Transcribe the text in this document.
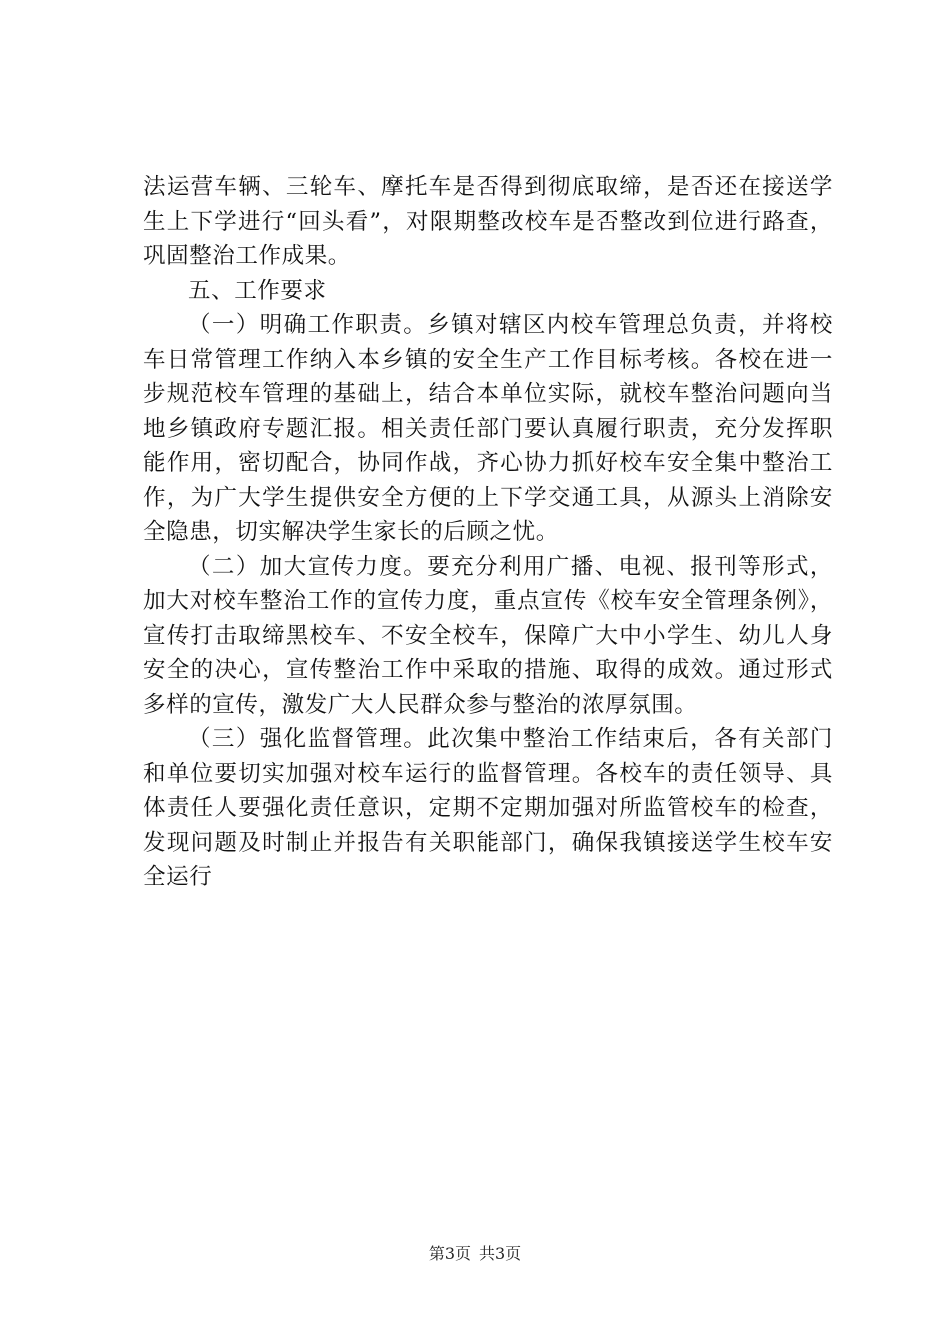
法运营车辆、三轮车、摩托车是否得到彻底取缔，是否还在接送学生上下学进行“回头看”，对限期整改校车是否整改到位进行路查，巩固整治工作成果。

五、工作要求

（一）明确工作职责。乡镇对辖区内校车管理总负责，并将校车日常管理工作纳入本乡镇的安全生产工作目标考核。各校在进一步规范校车管理的基础上，结合本单位实际，就校车整治问题向当地乡镇政府专题汇报。相关责任部门要认真履行职责，充分发挥职能作用，密切配合，协同作战，齐心协力抓好校车安全集中整治工作，为广大学生提供安全方便的上下学交通工具，从源头上消除安全隐患，切实解决学生家长的后顾之忧。

（二）加大宣传力度。要充分利用广播、电视、报刊等形式，加大对校车整治工作的宣传力度，重点宣传《校车安全管理条例》，宣传打击取缔黑校车、不安全校车，保障广大中小学生、幼儿人身安全的决心，宣传整治工作中采取的措施、取得的成效。通过形式多样的宣传，激发广大人民群众参与整治的浓厚氛围。

（三）强化监督管理。此次集中整治工作结束后，各有关部门和单位要切实加强对校车运行的监督管理。各校车的责任领导、具体责任人要强化责任意识，定期不定期加强对所监管校车的检查，发现问题及时制止并报告有关职能部门，确保我镇接送学生校车安全运行

第3页 共3页
